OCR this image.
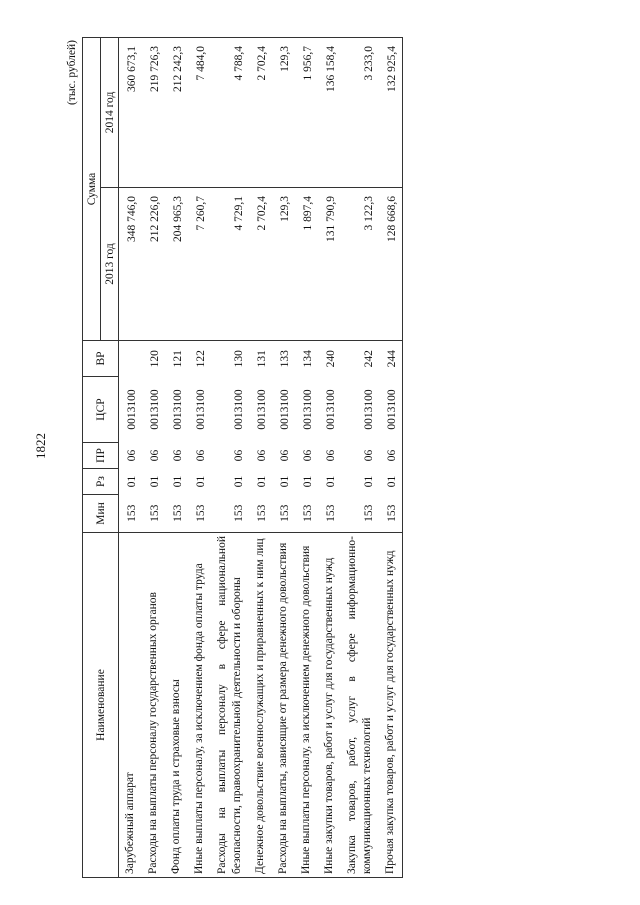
1822
(тыс. рублей)
Наименование	Мин	Рз	ПР	ЦСР	ВР	Сумма	
						2013 год	2014 год
Зарубежный аппарат	153	01	06	0013100		348 746,0	360 673,1
Расходы на выплаты персоналу государственных органов	153	01	06	0013100	120	212 226,0	219 726,3
Фонд оплаты труда и страховые взносы	153	01	06	0013100	121	204 965,3	212 242,3
Иные выплаты персоналу, за исключением фонда оплаты труда	153	01	06	0013100	122	7 260,7	7 484,0
Расходы на выплаты персоналу в сфере национальной безопасности, правоохранительной деятельности и обороны	153	01	06	0013100	130	4 729,1	4 788,4
Денежное довольствие военнослужащих и приравненных к ним лиц	153	01	06	0013100	131	2 702,4	2 702,4
Расходы на выплаты, зависящие от размера денежного довольствия	153	01	06	0013100	133	129,3	129,3
Иные выплаты персоналу, за исключением денежного довольствия	153	01	06	0013100	134	1 897,4	1 956,7
Иные закупки товаров, работ и услуг для государственных нужд	153	01	06	0013100	240	131 790,9	136 158,4
Закупка товаров, работ, услуг в сфере информационно-коммуникационных технологий	153	01	06	0013100	242	3 122,3	3 233,0
Прочая закупка товаров, работ и услуг для государственных нужд	153	01	06	0013100	244	128 668,6	132 925,4
